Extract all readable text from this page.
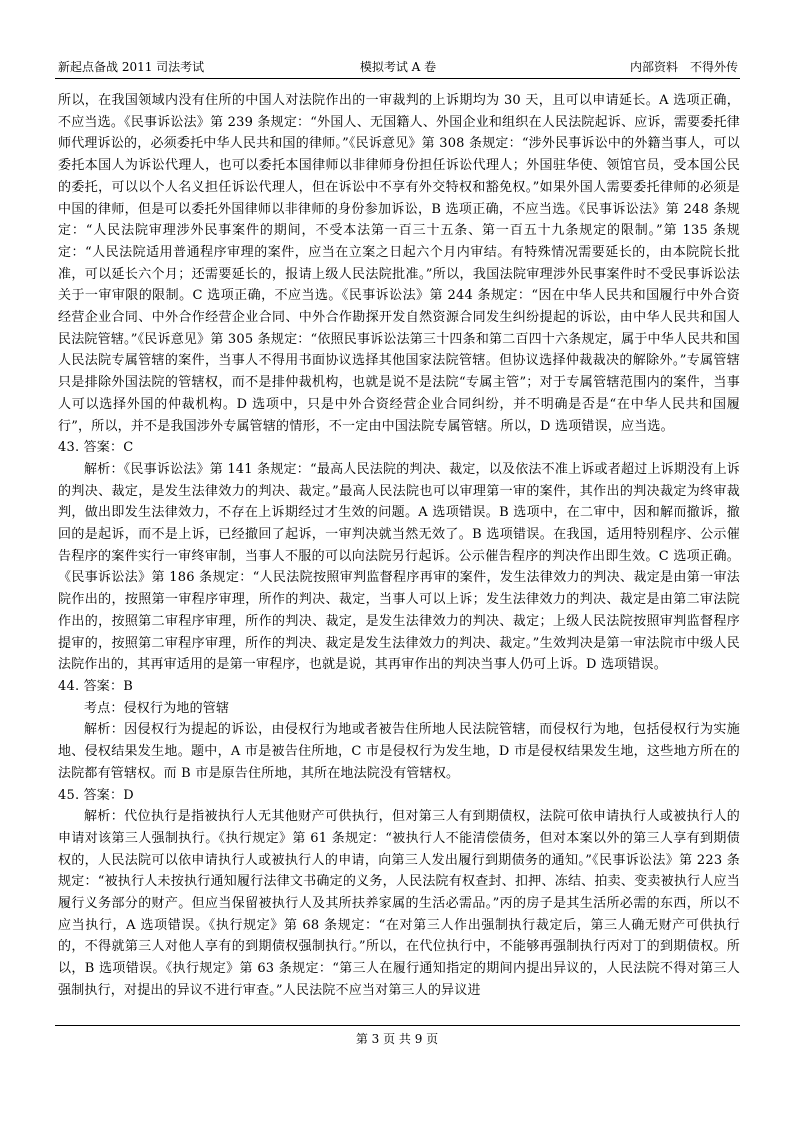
新起点备战 2011 司法考试	模拟考试 A 卷	内部资料　不得外传

所以，在我国领域内没有住所的中国人对法院作出的一审裁判的上诉期均为 30 天，且可以申请延长。A 选项正确，不应当选。《民事诉讼法》第 239 条规定：“外国人、无国籍人、外国企业和组织在人民法院起诉、应诉，需要委托律师代理诉讼的，必须委托中华人民共和国的律师。”《民诉意见》第 308 条规定：“涉外民事诉讼中的外籍当事人，可以委托本国人为诉讼代理人，也可以委托本国律师以非律师身份担任诉讼代理人；外国驻华使、领馆官员，受本国公民的委托，可以以个人名义担任诉讼代理人，但在诉讼中不享有外交特权和豁免权。”如果外国人需要委托律师的必须是中国的律师，但是可以委托外国律师以非律师的身份参加诉讼，B 选项正确，不应当选。《民事诉讼法》第 248 条规定：“人民法院审理涉外民事案件的期间，不受本法第一百三十五条、第一百五十九条规定的限制。”第 135 条规定：“人民法院适用普通程序审理的案件，应当在立案之日起六个月内审结。有特殊情况需要延长的，由本院院长批准，可以延长六个月；还需要延长的，报请上级人民法院批准。”所以，我国法院审理涉外民事案件时不受民事诉讼法关于一审审限的限制。C 选项正确，不应当选。《民事诉讼法》第 244 条规定：“因在中华人民共和国履行中外合资经营企业合同、中外合作经营企业合同、中外合作勘探开发自然资源合同发生纠纷提起的诉讼，由中华人民共和国人民法院管辖。”《民诉意见》第 305 条规定：“依照民事诉讼法第三十四条和第二百四十六条规定，属于中华人民共和国人民法院专属管辖的案件，当事人不得用书面协议选择其他国家法院管辖。但协议选择仲裁裁决的解除外。”专属管辖只是排除外国法院的管辖权，而不是排仲裁机构，也就是说不是法院“专属主管”；对于专属管辖范围内的案件，当事人可以选择外国的仲裁机构。D 选项中，只是中外合资经营企业合同纠纷，并不明确是否是“在中华人民共和国履行”，所以，并不是我国涉外专属管辖的情形，不一定由中国法院专属管辖。所以，D 选项错误，应当选。

43. 答案：C

解析：《民事诉讼法》第 141 条规定：“最高人民法院的判决、裁定，以及依法不准上诉或者超过上诉期没有上诉的判决、裁定，是发生法律效力的判决、裁定。”最高人民法院也可以审理第一审的案件，其作出的判决裁定为终审裁判，做出即发生法律效力，不存在上诉期经过才生效的问题。A 选项错误。B 选项中，在二审中，因和解而撤诉，撤回的是起诉，而不是上诉，已经撤回了起诉，一审判决就当然无效了。B 选项错误。在我国，适用特别程序、公示催告程序的案件实行一审终审制，当事人不服的可以向法院另行起诉。公示催告程序的判决作出即生效。C 选项正确。《民事诉讼法》第 186 条规定：“人民法院按照审判监督程序再审的案件，发生法律效力的判决、裁定是由第一审法院作出的，按照第一审程序审理，所作的判决、裁定，当事人可以上诉；发生法律效力的判决、裁定是由第二审法院作出的，按照第二审程序审理，所作的判决、裁定，是发生法律效力的判决、裁定；上级人民法院按照审判监督程序提审的，按照第二审程序审理，所作的判决、裁定是发生法律效力的判决、裁定。”生效判决是第一审法院市中级人民法院作出的，其再审适用的是第一审程序，也就是说，其再审作出的判决当事人仍可上诉。D 选项错误。

44. 答案：B

考点：侵权行为地的管辖

解析：因侵权行为提起的诉讼，由侵权行为地或者被告住所地人民法院管辖，而侵权行为地，包括侵权行为实施地、侵权结果发生地。题中，A 市是被告住所地，C 市是侵权行为发生地，D 市是侵权结果发生地，这些地方所在的法院都有管辖权。而 B 市是原告住所地，其所在地法院没有管辖权。

45. 答案：D

解析：代位执行是指被执行人无其他财产可供执行，但对第三人有到期债权，法院可依申请执行人或被执行人的申请对该第三人强制执行。《执行规定》第 61 条规定：“被执行人不能清偿债务，但对本案以外的第三人享有到期债权的，人民法院可以依申请执行人或被执行人的申请，向第三人发出履行到期债务的通知。”《民事诉讼法》第 223 条规定：“被执行人未按执行通知履行法律文书确定的义务，人民法院有权查封、扣押、冻结、拍卖、变卖被执行人应当履行义务部分的财产。但应当保留被执行人及其所扶养家属的生活必需品。”丙的房子是其生活所必需的东西，所以不应当执行，A 选项错误。《执行规定》第 68 条规定：“在对第三人作出强制执行裁定后，第三人确无财产可供执行的，不得就第三人对他人享有的到期债权强制执行。”所以，在代位执行中，不能够再强制执行丙对丁的到期债权。所以，B 选项错误。《执行规定》第 63 条规定：“第三人在履行通知指定的期间内提出异议的，人民法院不得对第三人强制执行，对提出的异议不进行审查。”人民法院不应当对第三人的异议进

第 3 页 共 9 页
